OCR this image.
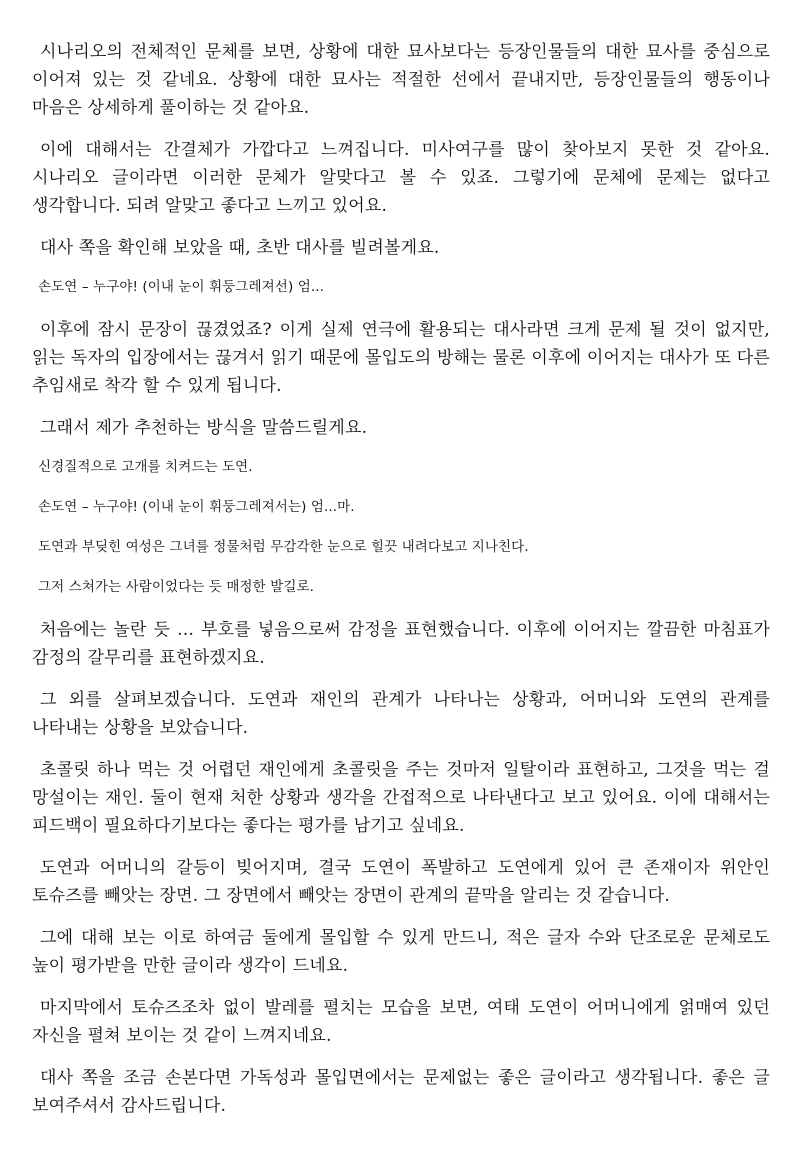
시나리오의 전체적인 문체를 보면, 상황에 대한 묘사보다는 등장인물들의 대한 묘사를 중심으로 이어져 있는 것 같네요. 상황에 대한 묘사는 적절한 선에서 끝내지만, 등장인물들의 행동이나 마음은 상세하게 풀이하는 것 같아요.

이에 대해서는 간결체가 가깝다고 느껴집니다. 미사여구를 많이 찾아보지 못한 것 같아요. 시나리오 글이라면 이러한 문체가 알맞다고 볼 수 있죠. 그렇기에 문체에 문제는 없다고 생각합니다. 되려 알맞고 좋다고 느끼고 있어요.

대사 쪽을 확인해 보았을 때, 초반 대사를 빌려볼게요.

손도연 – 누구야! (이내 눈이 휘둥그레져선) 엄...

이후에 잠시 문장이 끊겼었죠? 이게 실제 연극에 활용되는 대사라면 크게 문제 될 것이 없지만, 읽는 독자의 입장에서는 끊겨서 읽기 때문에 몰입도의 방해는 물론 이후에 이어지는 대사가 또 다른 추임새로 착각 할 수 있게 됩니다.

그래서 제가 추천하는 방식을 말씀드릴게요.

신경질적으로 고개를 치켜드는 도연.

손도연 – 누구야! (이내 눈이 휘둥그레져서는) 엄...마.

도연과 부딪힌 여성은 그녀를 정물처럼 무감각한 눈으로 힐끗 내려다보고 지나친다.

그저 스쳐가는 사람이었다는 듯 매정한 발길로.

처음에는 놀란 듯 … 부호를 넣음으로써 감정을 표현했습니다. 이후에 이어지는 깔끔한 마침표가 감정의 갈무리를 표현하겠지요.

그 외를 살펴보겠습니다. 도연과 재인의 관계가 나타나는 상황과, 어머니와 도연의 관계를 나타내는 상황을 보았습니다.

초콜릿 하나 먹는 것 어렵던 재인에게 초콜릿을 주는 것마저 일탈이라 표현하고, 그것을 먹는 걸 망설이는 재인. 둘이 현재 처한 상황과 생각을 간접적으로 나타낸다고 보고 있어요. 이에 대해서는 피드백이 필요하다기보다는 좋다는 평가를 남기고 싶네요.

도연과 어머니의 갈등이 빚어지며, 결국 도연이 폭발하고 도연에게 있어 큰 존재이자 위안인 토슈즈를 빼앗는 장면. 그 장면에서 빼앗는 장면이 관계의 끝막을 알리는 것 같습니다.

그에 대해 보는 이로 하여금 둘에게 몰입할 수 있게 만드니, 적은 글자 수와 단조로운 문체로도 높이 평가받을 만한 글이라 생각이 드네요.

마지막에서 토슈즈조차 없이 발레를 펼치는 모습을 보면, 여태 도연이 어머니에게 얽매여 있던 자신을 펼쳐 보이는 것 같이 느껴지네요.

대사 쪽을 조금 손본다면 가독성과 몰입면에서는 문제없는 좋은 글이라고 생각됩니다. 좋은 글 보여주셔서 감사드립니다.
